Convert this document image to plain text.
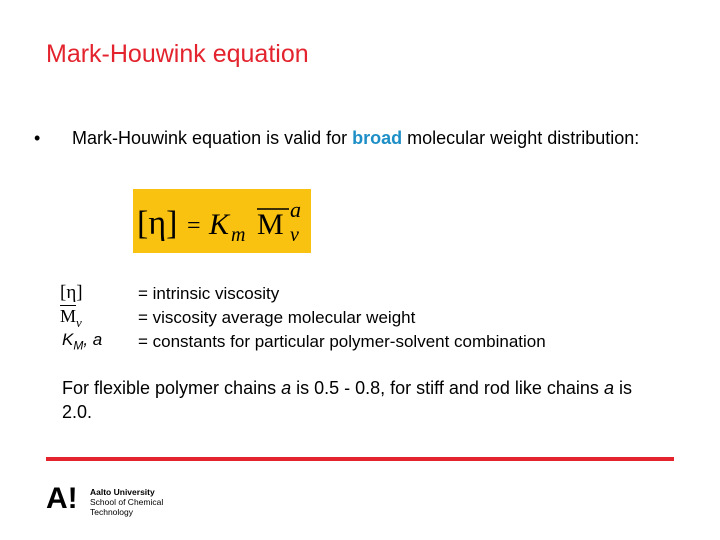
Mark-Houwink equation
• Mark-Houwink equation is valid for broad molecular weight distribution:
[η] = K m M a
v
[η]
$\overline{M}_v$
$K_M$, a
= intrinsic viscosity
= viscosity average molecular weight
= constants for particular polymer-solvent combination
For flexible polymer chains a is 0.5 - 0.8, for stiff and rod like chains a is 2.0.
A! Aalto University
School of Chemical
Technology
